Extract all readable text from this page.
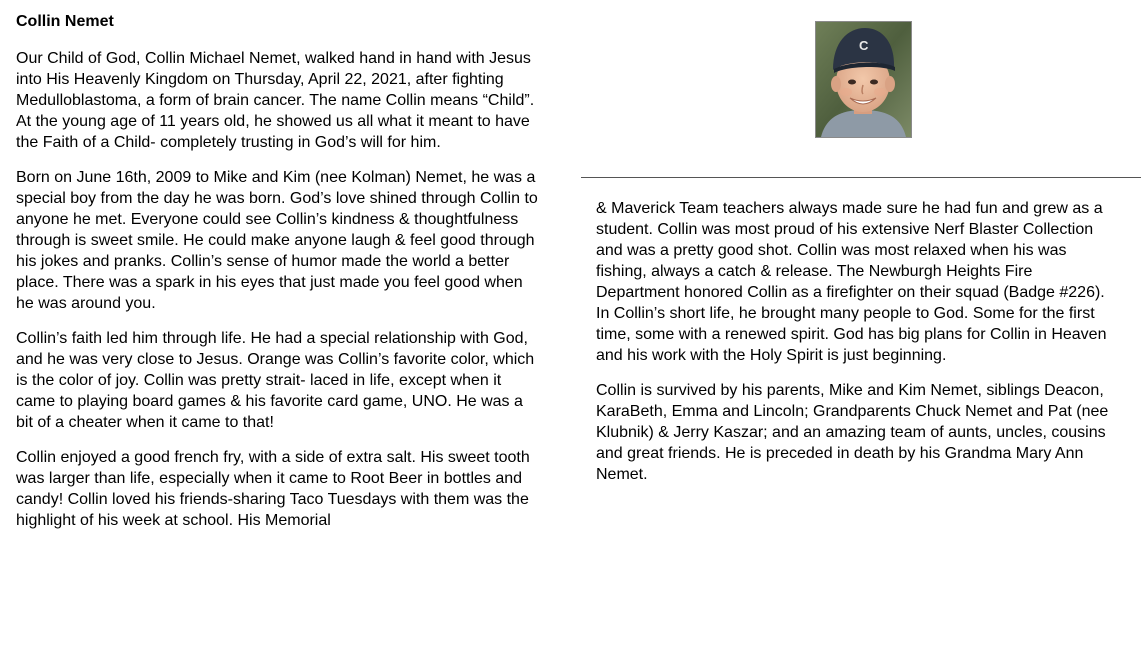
Collin Nemet

Our Child of God, Collin Michael Nemet, walked hand in hand with Jesus into His Heavenly Kingdom on Thursday, April 22, 2021, after fighting Medulloblastoma, a form of brain cancer. The name Collin means “Child”. At the young age of 11 years old, he showed us all what it meant to have the Faith of a Child- completely trusting in God’s will for him.

Born on June 16th, 2009 to Mike and Kim (nee Kolman) Nemet, he was a special boy from the day he was born. God’s love shined through Collin to anyone he met. Everyone could see Collin’s kindness & thoughtfulness through is sweet smile. He could make anyone laugh & feel good through his jokes and pranks. Collin’s sense of humor made the world a better place. There was a spark in his eyes that just made you feel good when he was around you.

Collin’s faith led him through life. He had a special relationship with God, and he was very close to Jesus. Orange was Collin’s favorite color, which is the color of joy. Collin was pretty strait- laced in life, except when it came to playing board games & his favorite card game, UNO. He was a bit of a cheater when it came to that!

Collin enjoyed a good french fry, with a side of extra salt. His sweet tooth was larger than life, especially when it came to Root Beer in bottles and candy! Collin loved his friends-sharing Taco Tuesdays with them was the highlight of his week at school. His Memorial

C

& Maverick Team teachers always made sure he had fun and grew as a student. Collin was most proud of his extensive Nerf Blaster Collection and was a pretty good shot. Collin was most relaxed when his was fishing, always a catch & release. The Newburgh Heights Fire Department honored Collin as a firefighter on their squad (Badge #226). In Collin’s short life, he brought many people to God. Some for the first time, some with a renewed spirit. God has big plans for Collin in Heaven and his work with the Holy Spirit is just beginning.

Collin is survived by his parents, Mike and Kim Nemet, siblings Deacon, KaraBeth, Emma and Lincoln; Grandparents Chuck Nemet and Pat (nee Klubnik) & Jerry Kaszar; and an amazing team of aunts, uncles, cousins and great friends. He is preceded in death by his Grandma Mary Ann Nemet.
